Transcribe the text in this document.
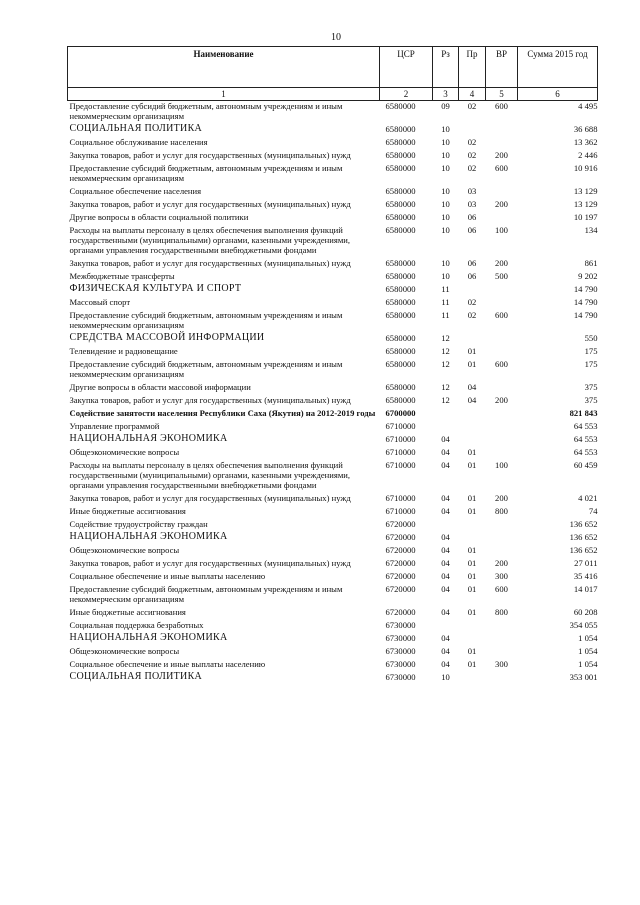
10
Наименование	ЦСР	Рз	Пр	ВР	Сумма 2015 год
1	2	3	4	5	6
Предоставление субсидий бюджетным, автономным учреждениям и иным некоммерческим организациям	6580000	09	02	600	4 495
СОЦИАЛЬНАЯ ПОЛИТИКА	6580000	10			36 688
Социальное обслуживание населения	6580000	10	02		13 362
Закупка товаров, работ и услуг для государственных (муниципальных) нужд	6580000	10	02	200	2 446
Предоставление субсидий бюджетным, автономным учреждениям и иным некоммерческим организациям	6580000	10	02	600	10 916
Социальное обеспечение населения	6580000	10	03		13 129
Закупка товаров, работ и услуг для государственных (муниципальных) нужд	6580000	10	03	200	13 129
Другие вопросы в области социальной политики	6580000	10	06		10 197
Расходы на выплаты персоналу в целях обеспечения выполнения функций государственными (муниципальными) органами, казенными учреждениями, органами управления государственными внебюджетными фондами	6580000	10	06	100	134
Закупка товаров, работ и услуг для государственных (муниципальных) нужд	6580000	10	06	200	861
Межбюджетные трансферты	6580000	10	06	500	9 202
ФИЗИЧЕСКАЯ КУЛЬТУРА И СПОРТ	6580000	11			14 790
Массовый спорт	6580000	11	02		14 790
Предоставление субсидий бюджетным, автономным учреждениям и иным некоммерческим организациям	6580000	11	02	600	14 790
СРЕДСТВА МАССОВОЙ ИНФОРМАЦИИ	6580000	12			550
Телевидение и радиовещание	6580000	12	01		175
Предоставление субсидий бюджетным, автономным учреждениям и иным некоммерческим организациям	6580000	12	01	600	175
Другие вопросы в области массовой информации	6580000	12	04		375
Закупка товаров, работ и услуг для государственных (муниципальных) нужд	6580000	12	04	200	375
Содействие занятости населения Республики Саха (Якутия) на 2012-2019 годы	6700000				821 843
Управление программой	6710000				64 553
НАЦИОНАЛЬНАЯ ЭКОНОМИКА	6710000	04			64 553
Общеэкономические вопросы	6710000	04	01		64 553
Расходы на выплаты персоналу в целях обеспечения выполнения функций государственными (муниципальными) органами, казенными учреждениями, органами управления государственными внебюджетными фондами	6710000	04	01	100	60 459
Закупка товаров, работ и услуг для государственных (муниципальных) нужд	6710000	04	01	200	4 021
Иные бюджетные ассигнования	6710000	04	01	800	74
Содействие трудоустройству граждан	6720000				136 652
НАЦИОНАЛЬНАЯ ЭКОНОМИКА	6720000	04			136 652
Общеэкономические вопросы	6720000	04	01		136 652
Закупка товаров, работ и услуг для государственных (муниципальных) нужд	6720000	04	01	200	27 011
Социальное обеспечение и иные выплаты населению	6720000	04	01	300	35 416
Предоставление субсидий бюджетным, автономным учреждениям и иным некоммерческим организациям	6720000	04	01	600	14 017
Иные бюджетные ассигнования	6720000	04	01	800	60 208
Социальная поддержка безработных	6730000				354 055
НАЦИОНАЛЬНАЯ ЭКОНОМИКА	6730000	04			1 054
Общеэкономические вопросы	6730000	04	01		1 054
Социальное обеспечение и иные выплаты населению	6730000	04	01	300	1 054
СОЦИАЛЬНАЯ ПОЛИТИКА	6730000	10			353 001
